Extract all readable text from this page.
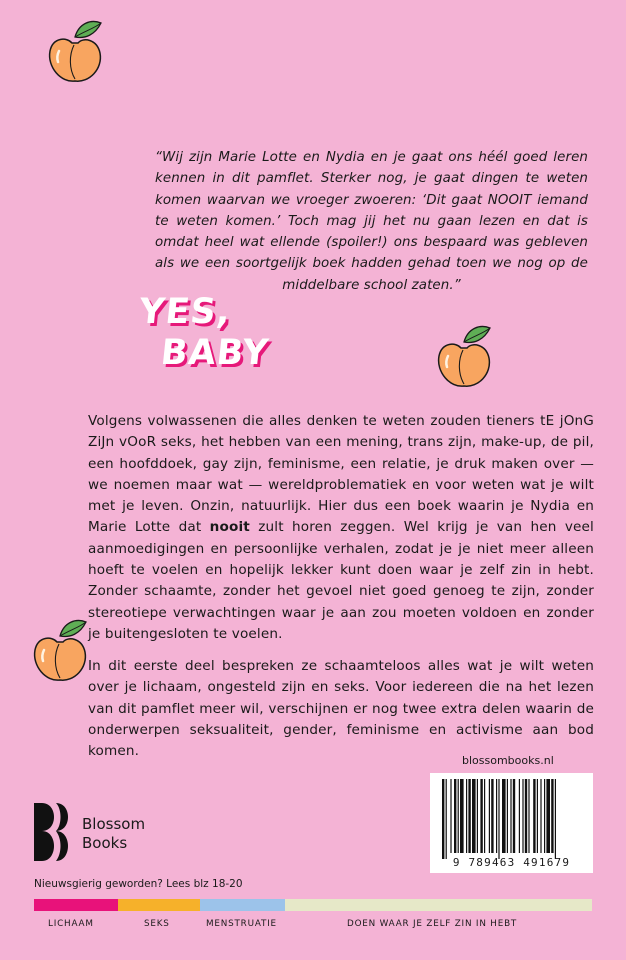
“Wij zijn Marie Lotte en Nydia en je gaat ons héél goed leren kennen in dit pamflet. Sterker nog, je gaat dingen te weten komen waarvan we vroeger zwoeren: ‘Dit gaat NOOIT iemand te weten komen.’ Toch mag jij het nu gaan lezen en dat is omdat heel wat ellende (spoiler!) ons bespaard was gebleven als we een soortgelijk boek hadden gehad toen we nog op de middelbare school zaten.”
YES,
BABY
Volgens volwassenen die alles denken te weten zouden tieners tE jOnG ZiJn vOoR seks, het hebben van een mening, trans zijn, make-up, de pil, een hoofddoek, gay zijn, feminisme, een relatie, je druk maken over — we noemen maar wat — wereldproblematiek en voor weten wat je wilt met je leven. Onzin, natuurlijk. Hier dus een boek waarin je Nydia en Marie Lotte dat nooit zult horen zeggen. Wel krijg je van hen veel aanmoedigingen en persoonlijke verhalen, zodat je je niet meer alleen hoeft te voelen en hopelijk lekker kunt doen waar je zelf zin in hebt. Zonder schaamte, zonder het gevoel niet goed genoeg te zijn, zonder stereotiepe verwachtingen waar je aan zou moeten voldoen en zonder je buitengesloten te voelen.
In dit eerste deel bespreken ze schaamteloos alles wat je wilt weten over je lichaam, ongesteld zijn en seks. Voor iedereen die na het lezen van dit pamflet meer wil, verschijnen er nog twee extra delen waarin de onderwerpen seksualiteit, gender, feminisme en activisme aan bod komen.
blossombooks.nl
9 789463 491679
Blossom
Books
Nieuwsgierig geworden? Lees blz 18-20
LICHAAM	SEKS	MENSTRUATIE	DOEN WAAR JE ZELF ZIN IN HEBT
